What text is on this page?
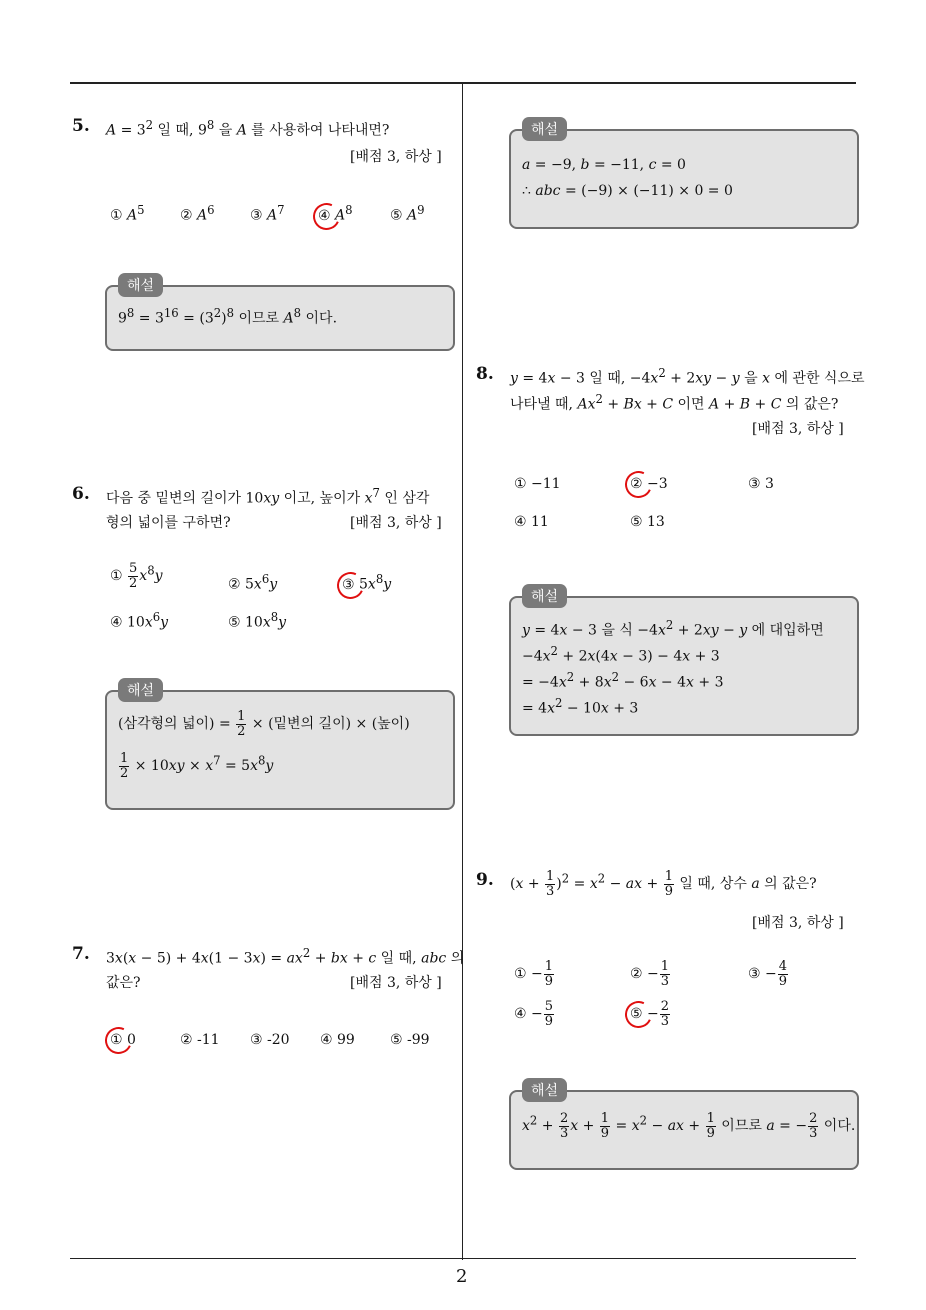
2
5. $A = 3^2$ 일 때, $9^8$ 을 A 를 사용하여 나타내면?
[배점 3, 하상 ]
① $A^5$	② $A^6$	③ $A^7$ ④ $A^8$	⑤ $A^9$
해설
$9^8 = 3^{16} = (3^2)^8$ 이므로 $A^8$ 이다.
6. 다음 중 밑변의 길이가 10xy 이고, 높이가 $x^7$ 인 삼각
형의 넓이를 구하면?	[배점 3, 하상 ]
① $\frac{5}{2} x^8y$
② $5x^6y$	③
$5x^8y$
④ $10x^6y$	⑤ $10x^8y$
해설
(삼각형의 넓이) = $\frac{1}{2}$ × (밑변의 길이) × (높이)
$\frac{1}{2} \times 10xy \times x^7 = 5x^8y$
7. $3x(x - 5) + 4x(1 - 3x) = ax^2$ + bx + c 일 때, abc 의
값은?	[배점 3, 하상 ]
①
0	② -11 ③ -20 ④ 99	⑤ -99
해설
a = −9, b = −11, c = 0
∴ abc = (−9) × (−11) × 0 = 0
8. y = 4x − 3 일 때, $-4x^2 + 2xy - y$ 을 x 에 관한 식으로
나타낼 때, $Ax^2 + Bx + C$ 이면 A + B + C 의 값은?
[배점 3, 하상 ]
① −11	②
−3	③ 3
④ 11	⑤ 13
해설
y = 4x − 3 을 식 $-4x^2 + 2xy - y$ 에 대입하면
$-4x^2 + 2x(4x - 3) - 4x + 3$
= $-4x^2 + 8x^2 - 6x - 4x + 3$
= $4x^2 - 10x + 3$
9. $(x + \frac{1}{3} )^2 = x^2$ − ax + $\frac{1}{9}$ 일 때, 상수 a 의 값은?
[배점 3, 하상 ]
① − $\frac{1}{9}$	② − $\frac{1}{3}$	③ − $\frac{4}{9}$
④ − $\frac{5}{9}$	⑤
− $\frac{2}{3}$
해설
$x^2 + \frac{2}{3}$ $x + \frac{1}{9} = x^2$ − ax + $\frac{1}{9}$ 이므로 a = − $\frac{2}{3}$ 이다.
